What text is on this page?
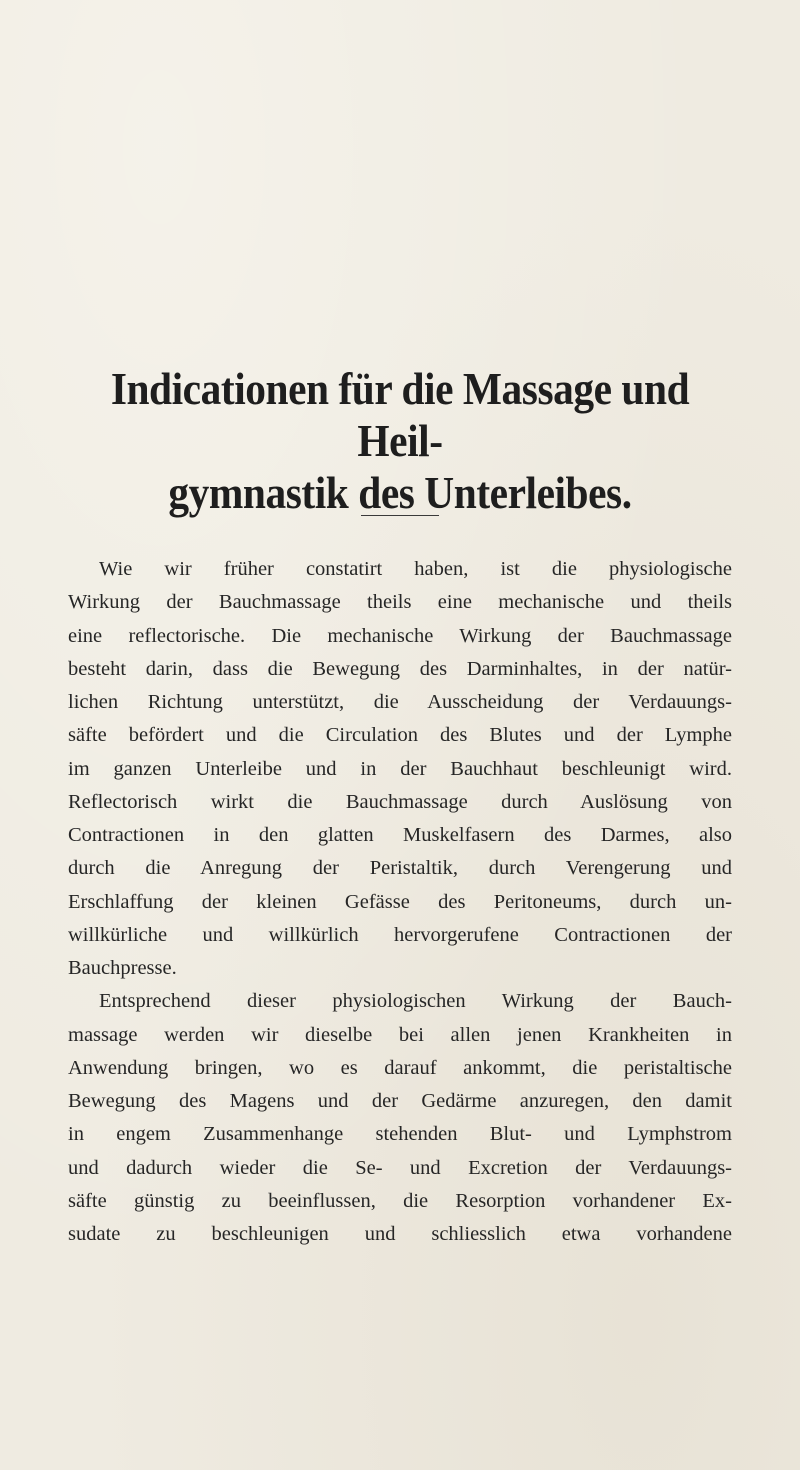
Indicationen für die Massage und Heil-
gymnastik des Unterleibes.
Wie wir früher constatirt haben, ist die physiologische
Wirkung der Bauchmassage theils eine mechanische und theils
eine reflectorische. Die mechanische Wirkung der Bauchmassage
besteht darin, dass die Bewegung des Darminhaltes, in der natür-
lichen Richtung unterstützt, die Ausscheidung der Verdauungs-
säfte befördert und die Circulation des Blutes und der Lymphe
im ganzen Unterleibe und in der Bauchhaut beschleunigt wird.
Reflectorisch wirkt die Bauchmassage durch Auslösung von
Contractionen in den glatten Muskelfasern des Darmes, also
durch die Anregung der Peristaltik, durch Verengerung und
Erschlaffung der kleinen Gefässe des Peritoneums, durch un-
willkürliche und willkürlich hervorgerufene Contractionen der
Bauchpresse.
Entsprechend dieser physiologischen Wirkung der Bauch-
massage werden wir dieselbe bei allen jenen Krankheiten in
Anwendung bringen, wo es darauf ankommt, die peristaltische
Bewegung des Magens und der Gedärme anzuregen, den damit
in engem Zusammenhange stehenden Blut- und Lymphstrom
und dadurch wieder die Se- und Excretion der Verdauungs-
säfte günstig zu beeinflussen, die Resorption vorhandener Ex-
sudate zu beschleunigen und schliesslich etwa vorhandene
